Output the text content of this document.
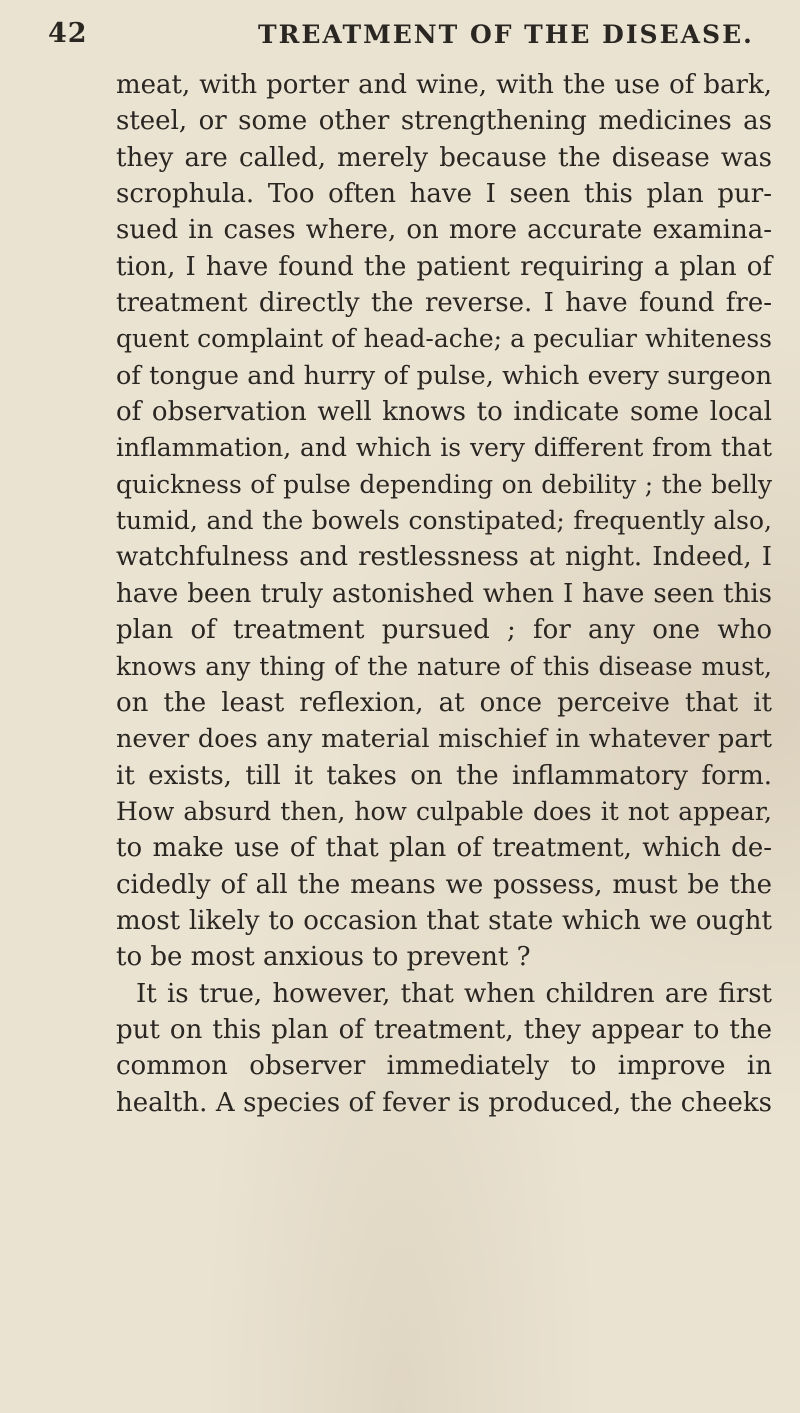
42	TREATMENT OF THE DISEASE.
meat, with porter and wine, with the use of bark,
steel, or some other strengthening medicines as
they are called, merely because the disease was
scrophula. Too often have I seen this plan pur-
sued in cases where, on more accurate examina-
tion, I have found the patient requiring a plan of
treatment directly the reverse. I have found fre-
quent complaint of head-ache; a peculiar whiteness
of tongue and hurry of pulse, which every surgeon
of observation well knows to indicate some local
inflammation, and which is very different from that
quickness of pulse depending on debility ; the belly
tumid, and the bowels constipated; frequently also,
watchfulness and restlessness at night. Indeed, I
have been truly astonished when I have seen this
plan of treatment pursued ; for any one who
knows any thing of the nature of this disease must,
on the least reflexion, at once perceive that it
never does any material mischief in whatever part
it exists, till it takes on the inflammatory form.
How absurd then, how culpable does it not appear,
to make use of that plan of treatment, which de-
cidedly of all the means we possess, must be the
most likely to occasion that state which we ought
to be most anxious to prevent ?
It is true, however, that when children are first
put on this plan of treatment, they appear to the
common observer immediately to improve in
health. A species of fever is produced, the cheeks
